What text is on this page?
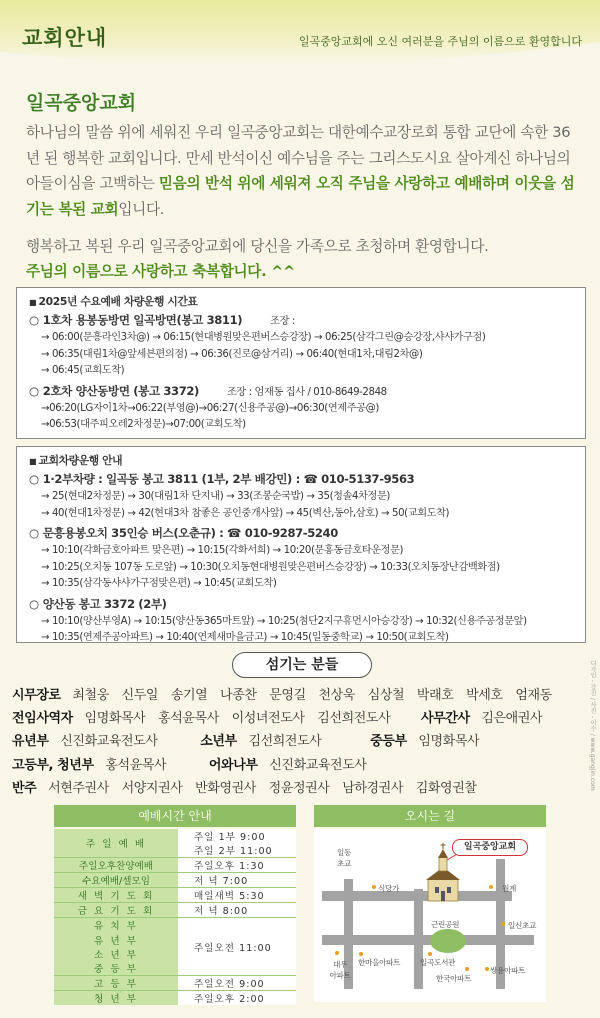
교회안내	일곡중앙교회에 오신 여러분을 주님의 이름으로 환영합니다
디자인 - 강진 / 사진 - 이수 / www.gangjin.com
일곡중앙교회
하나님의 말씀 위에 세워진 우리 일곡중앙교회는 대한예수교장로회 통합 교단에 속한 36년 된 행복한 교회입니다. 만세 반석이신 예수님을 주는 그리스도시요 살아계신 하나님의 아들이심을 고백하는 믿음의 반석 위에 세워져 오직 주님을 사랑하고 예배하며 이웃을 섬기는 복된 교회입니다.
행복하고 복된 우리 일곡중앙교회에 당신을 가족으로 초청하며 환영합니다.
주님의 이름으로 사랑하고 축복합니다. ^^
■ 2025년 수요예배 차량운행 시간표
○ 1호차 용봉동방면 일곡방면(봉고 3811)	조장 :
→ 06:00(문흥라인3차@) → 06:15(현대병원맞은편버스승강장) → 06:25(삼각그린@승강장,샤샤가구점)
→ 06:35(대림1차@앞세븐편의점) → 06:36(진로@삼거리) → 06:40(현대1차,대림2차@)
→ 06:45(교회도착)
○ 2호차 양산동방면 (봉고 3372)	조장 : 엄재동 집사 / 010-8649-2848
→06:20(LG자이1차→06:22(부영@)→06:27(신용주공@)→06:30(연제주공@)
→06:53(대주피오레2차정문)→07:00(교회도착)
■ 교회차량운행 안내
○ 1·2부차량 : 일곡동 봉고 3811 (1부, 2부 배강민) : ☎ 010-5137-9563
→ 25(현대2차정문) → 30(대림1차 단지내) → 33(조봉순국밥) → 35(청솔4차정문)
→ 40(현대1차정문) → 42(현대3차 참좋은 공인중개사앞) → 45(벽산,동아,삼호) → 50(교회도착)
○ 문흥용봉오치 35인승 버스(오춘규) : ☎ 010-9287-5240
→ 10:10(각화금호아파트 맞은편) → 10:15(각화서희) → 10:20(문홍동금호타운정문)
→ 10:25(오치동 107동 도로앞) → 10:30(오치동현대병원맞은편버스승강장) → 10:33(오치동장난감백화점)
→ 10:35(삼각동샤샤가구점맞은편) → 10:45(교회도착)
○ 양산동 봉고 3372 (2부)
→ 10:10(양산부영A) → 10:15(양산동365마트앞) → 10:25(첨단2지구휴먼시아승강장) → 10:32(신용주공정문앞)
→ 10:35(연제주공아파트) → 10:40(연제새마을금고) → 10:45(일동중학교) → 10:50(교회도착)
섬기는 분들
시무장로 최철웅 신두일 송기열 나종찬 문영길 천상욱 심상철 박래호 박세호 엄재동
전임사역자 임명화목사 홍석윤목사 이성녀전도사 김선희전도사 사무간사 김은애권사
유년부 신진화교육전도사	소년부 김선희전도사	중등부 임명화목사
고등부, 청년부 홍석윤목사	어와나부 신진화교육전도사
반주 서현주권사 서양지권사 반화영권사 정윤정권사 남하경권사 김화영권찰
예배시간 안내
주 일 예 배	주일 1부 9:00
	주일 2부 11:00
주일오후찬양예배	주일오후 1:30
수요예배/셀모임	저 녁 7:00
새 벽 기 도 회	매일새벽 5:30
금 요 기 도 회	저 녁 8:00
유 치 부	주일오전 11:00
유 년 부	
소 년 부	
중 등 부	
고 등 부	주일오전 9:00
청 년 부	주일오후 2:00
오시는 길
일곡중앙교회
일동
초교
식당가	월계
근린공원	일신초교
대우
아파트
한마을아파트	일곡도서관
한국아파트
쌍용아파트
